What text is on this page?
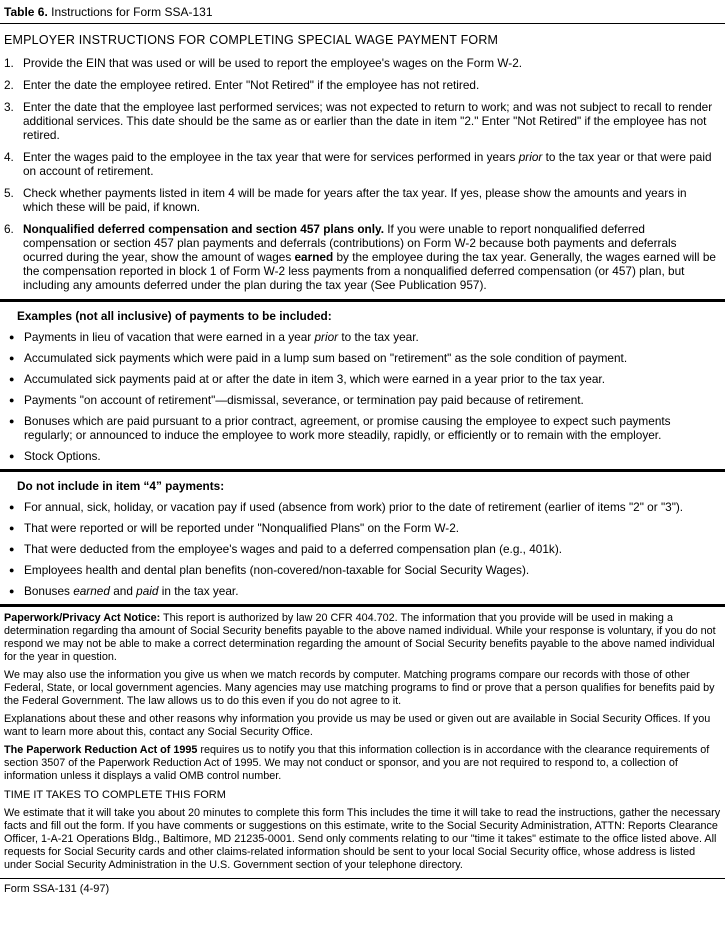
Table 6. Instructions for Form SSA-131
EMPLOYER INSTRUCTIONS FOR COMPLETING SPECIAL WAGE PAYMENT FORM
1. Provide the EIN that was used or will be used to report the employee's wages on the Form W-2.
2. Enter the date the employee retired. Enter "Not Retired" if the employee has not retired.
3. Enter the date that the employee last performed services; was not expected to return to work; and was not subject to recall to render additional services. This date should be the same as or earlier than the date in item "2." Enter "Not Retired" if the employee has not retired.
4. Enter the wages paid to the employee in the tax year that were for services performed in years prior to the tax year or that were paid on account of retirement.
5. Check whether payments listed in item 4 will be made for years after the tax year. If yes, please show the amounts and years in which these will be paid, if known.
6. Nonqualified deferred compensation and section 457 plans only. If you were unable to report nonqualified deferred compensation or section 457 plan payments and deferrals (contributions) on Form W-2 because both payments and deferrals ocurred during the year, show the amount of wages earned by the employee during the tax year. Generally, the wages earned will be the compensation reported in block 1 of Form W-2 less payments from a nonqualified deferred compensation (or 457) plan, but including any amounts deferred under the plan during the tax year (See Publication 957).
Examples (not all inclusive) of payments to be included:
● Payments in lieu of vacation that were earned in a year prior to the tax year.
● Accumulated sick payments which were paid in a lump sum based on "retirement" as the sole condition of payment.
● Accumulated sick payments paid at or after the date in item 3, which were earned in a year prior to the tax year.
● Payments "on account of retirement"—dismissal, severance, or termination pay paid because of retirement.
● Bonuses which are paid pursuant to a prior contract, agreement, or promise causing the employee to expect such payments regularly; or announced to induce the employee to work more steadily, rapidly, or efficiently or to remain with the employer.
● Stock Options.
Do not include in item “4” payments:
● For annual, sick, holiday, or vacation pay if used (absence from work) prior to the date of retirement (earlier of items "2" or "3").
● That were reported or will be reported under "Nonqualified Plans" on the Form W-2.
● That were deducted from the employee's wages and paid to a deferred compensation plan (e.g., 401k).
● Employees health and dental plan benefits (non-covered/non-taxable for Social Security Wages).
● Bonuses earned and paid in the tax year.
Paperwork/Privacy Act Notice: This report is authorized by law 20 CFR 404.702. The information that you provide will be used in making a determination regarding tha amount of Social Security benefits payable to the above named individual. While your response is voluntary, if you do not respond we may not be able to make a correct determination regarding the amount of Social Security benefits payable to the above named individual for the year in question.
We may also use the information you give us when we match records by computer. Matching programs compare our records with those of other Federal, State, or local government agencies. Many agencies may use matching programs to find or prove that a person qualifies for benefits paid by the Federal Government. The law allows us to do this even if you do not agree to it.
Explanations about these and other reasons why information you provide us may be used or given out are available in Social Security Offices. If you want to learn more about this, contact any Social Security Office.
The Paperwork Reduction Act of 1995 requires us to notify you that this information collection is in accordance with the clearance requirements of section 3507 of the Paperwork Reduction Act of 1995. We may not conduct or sponsor, and you are not required to respond to, a collection of information unless it displays a valid OMB control number.
TIME IT TAKES TO COMPLETE THIS FORM
We estimate that it will take you about 20 minutes to complete this form This includes the time it will take to read the instructions, gather the necessary facts and fill out the form. If you have comments or suggestions on this estimate, write to the Social Security Administration, ATTN: Reports Clearance Officer, 1-A-21 Operations Bldg., Baltimore, MD 21235-0001. Send only comments relating to our "time it takes" estimate to the office listed above. All requests for Social Security cards and other claims-related information should be sent to your local Social Security office, whose address is listed under Social Security Administration in the U.S. Government section of your telephone directory.
Form SSA-131 (4-97)
